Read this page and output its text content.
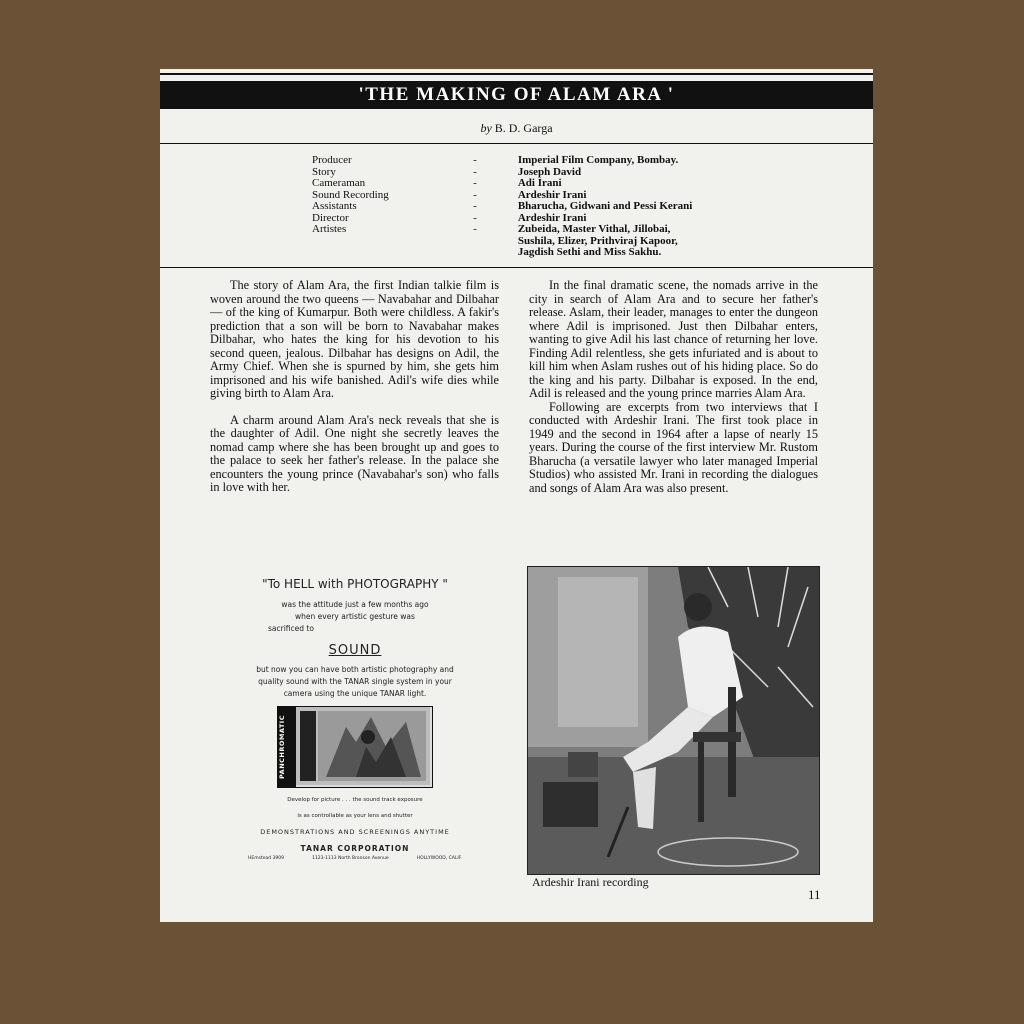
'THE MAKING OF ALAM ARA '
by B. D. Garga
Producer	-	Imperial Film Company, Bombay.
Story	-	Joseph David
Cameraman	-	Adi Irani
Sound Recording	-	Ardeshir Irani
Assistants	-	Bharucha, Gidwani and Pessi Kerani
Director	-	Ardeshir Irani
Artistes	-	Zubeida, Master Vithal, Jillobai,
Sushila, Elizer, Prithviraj Kapoor,
Jagdish Sethi and Miss Sakhu.

The story of Alam Ara, the first Indian talkie film is woven around the two queens — Navabahar and Dilbahar — of the king of Kumarpur. Both were childless. A fakir's prediction that a son will be born to Navabahar makes Dilbahar, who hates the king for his devotion to his second queen, jealous. Dilbahar has designs on Adil, the Army Chief. When she is spurned by him, she gets him imprisoned and his wife banished. Adil's wife dies while giving birth to Alam Ara.

A charm around Alam Ara's neck reveals that she is the daughter of Adil. One night she secretly leaves the nomad camp where she has been brought up and goes to the palace to seek her father's release. In the palace she encounters the young prince (Navabahar's son) who falls in love with her.

In the final dramatic scene, the nomads arrive in the city in search of Alam Ara and to secure her father's release. Aslam, their leader, manages to enter the dungeon where Adil is imprisoned. Just then Dilbahar enters, wanting to give Adil his last chance of returning her love. Finding Adil relentless, she gets infuriated and is about to kill him when Aslam rushes out of his hiding place. So do the king and his party. Dilbahar is exposed. In the end, Adil is released and the young prince marries Alam Ara.

Following are excerpts from two interviews that I conducted with Ardeshir Irani. The first took place in 1949 and the second in 1964 after a lapse of nearly 15 years. During the course of the first interview Mr. Rustom Bharucha (a versatile lawyer who later managed Imperial Studios) who assisted Mr. Irani in recording the dialogues and songs of Alam Ara was also present.

"To HELL with PHOTOGRAPHY "
was the attitude just a few months ago
when every artistic gesture was
sacrificed to
SOUND
but now you can have both artistic photography and
quality sound with the TANAR single system in your
camera using the unique TANAR light.
PANCHROMATIC
Develop for picture . . . the sound track exposure
is as controllable as your lens and shutter
DEMONSTRATIONS AND SCREENINGS ANYTIME
TANAR CORPORATION
HEmstead 3909	1123-1113 North Bronson Avenue	HOLLYWOOD, CALIF.
Ardeshir Irani recording
11
